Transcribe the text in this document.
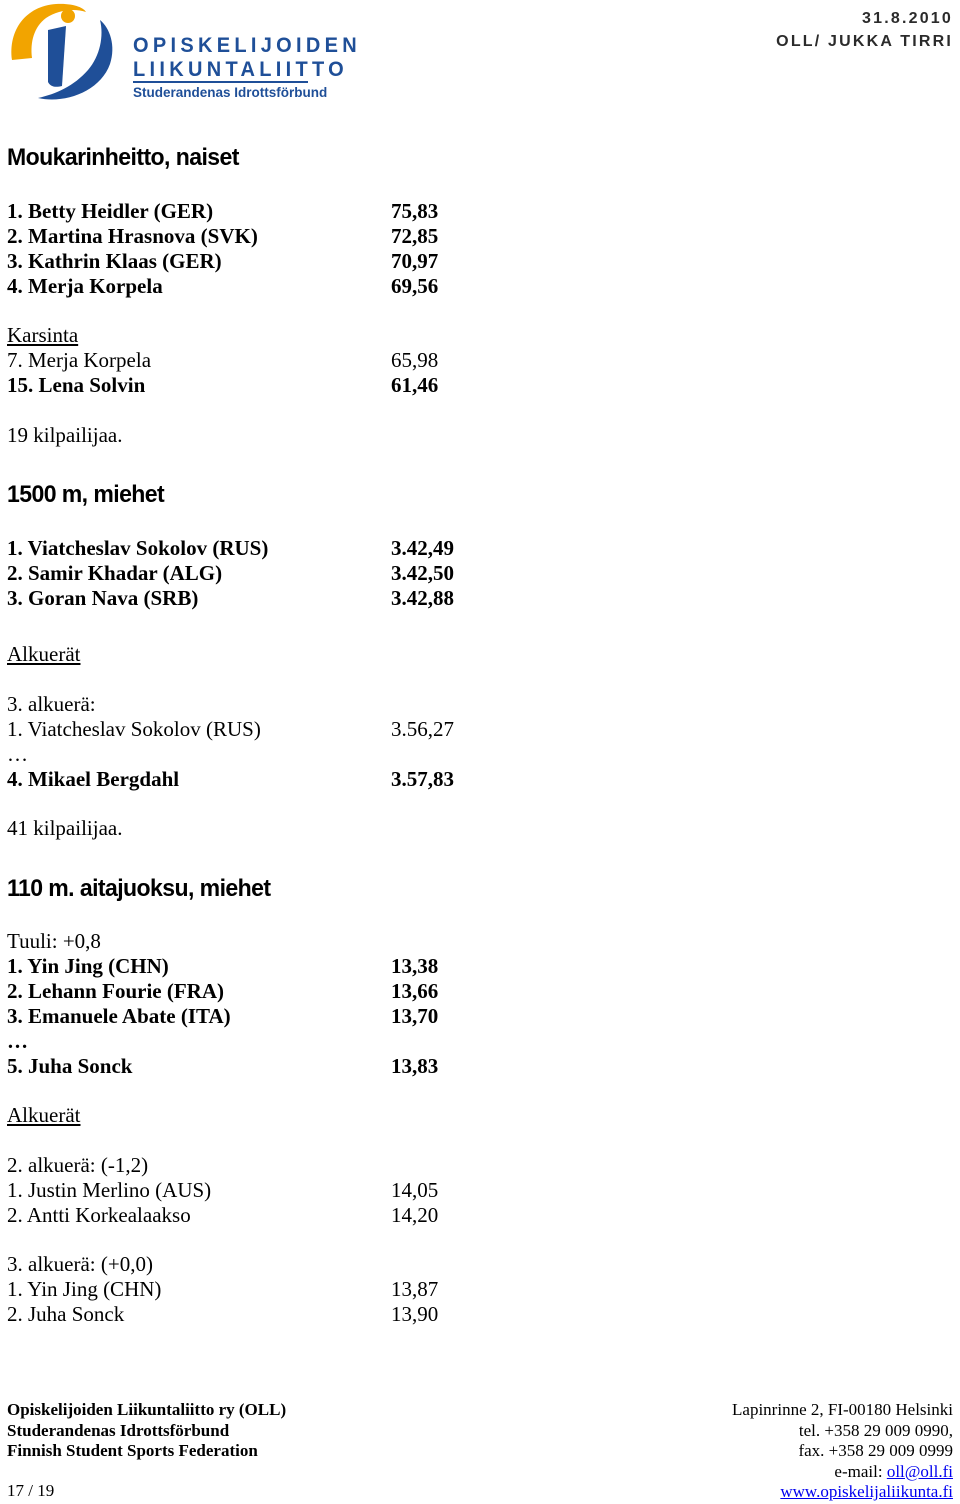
OPISKELIJOIDEN
LIIKUNTALIITTO
Studerandenas Idrottsförbund
31.8.2010
OLL/ JUKKA TIRRI
Moukarinheitto, naiset
1. Betty Heidler (GER)	75,83
2. Martina Hrasnova (SVK)	72,85
3. Kathrin Klaas (GER)	70,97
4. Merja Korpela	69,56
Karsinta
7. Merja Korpela	65,98
15. Lena Solvin	61,46
19 kilpailijaa.
1500 m, miehet
1. Viatcheslav Sokolov (RUS)	3.42,49
2. Samir Khadar (ALG)	3.42,50
3. Goran Nava (SRB)	3.42,88
Alkuerät
3. alkuerä:
1. Viatcheslav Sokolov (RUS)	3.56,27
…
4. Mikael Bergdahl	3.57,83
41 kilpailijaa.
110 m. aitajuoksu, miehet
Tuuli: +0,8
1. Yin Jing (CHN)	13,38
2. Lehann Fourie (FRA)	13,66
3. Emanuele Abate (ITA)	13,70
…
5. Juha Sonck	13,83
Alkuerät
2. alkuerä: (-1,2)
1. Justin Merlino (AUS)	14,05
2. Antti Korkealaakso	14,20
3. alkuerä: (+0,0)
1. Yin Jing (CHN)	13,87
2. Juha Sonck	13,90
Opiskelijoiden Liikuntaliitto ry (OLL)
Studerandenas Idrottsförbund
Finnish Student Sports Federation
Lapinrinne 2, FI-00180 Helsinki
tel. +358 29 009 0990,
fax. +358 29 009 0999
e-mail: oll@oll.fi
www.opiskelijaliikunta.fi
17 / 19
